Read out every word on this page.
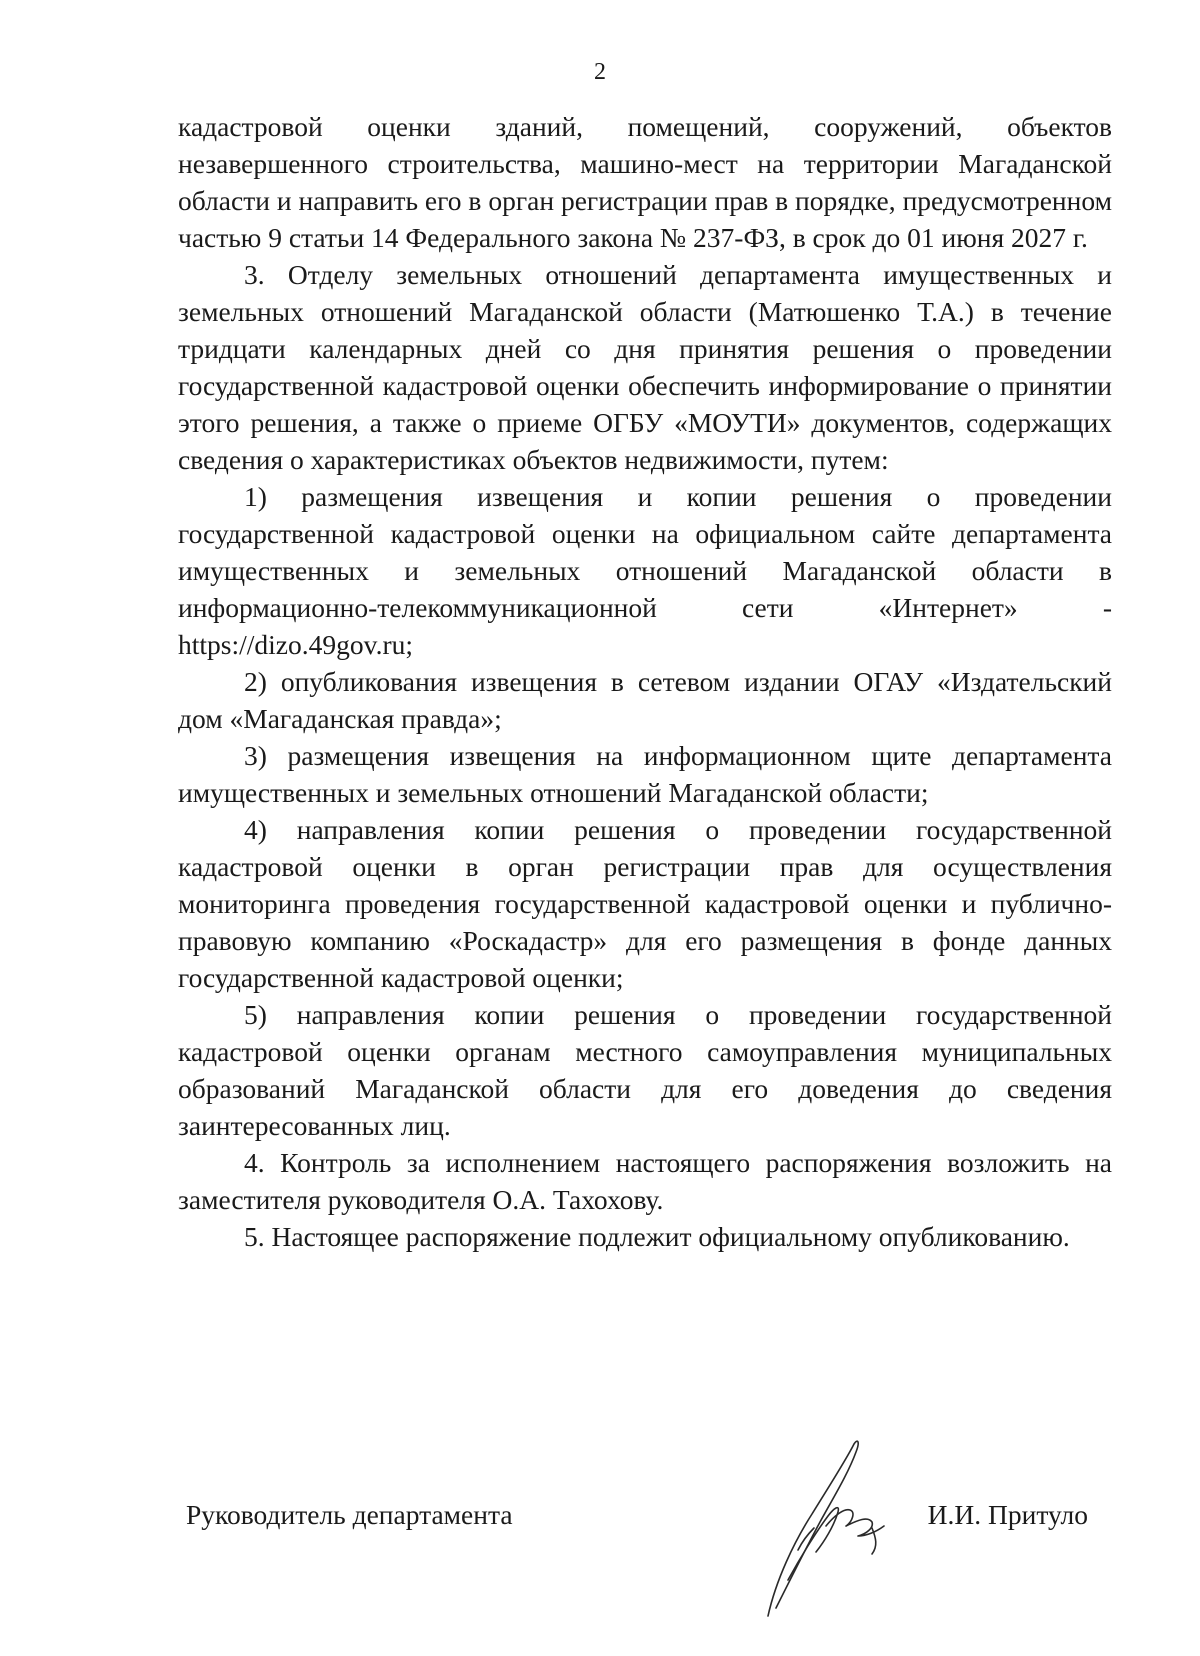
2

кадастровой оценки зданий, помещений, сооружений, объектов незавершенного строительства, машино-мест на территории Магаданской области и направить его в орган регистрации прав в порядке, предусмотренном частью 9 статьи 14 Федерального закона № 237-ФЗ, в срок до 01 июня 2027 г.

3. Отделу земельных отношений департамента имущественных и земельных отношений Магаданской области (Матюшенко Т.А.) в течение тридцати календарных дней со дня принятия решения о проведении государственной кадастровой оценки обеспечить информирование о принятии этого решения, а также о приеме ОГБУ «МОУТИ» документов, содержащих сведения о характеристиках объектов недвижимости, путем:

1) размещения извещения и копии решения о проведении государственной кадастровой оценки на официальном сайте департамента имущественных и земельных отношений Магаданской области в информационно-телекоммуникационной сети «Интернет» - https://dizo.49gov.ru;

2) опубликования извещения в сетевом издании ОГАУ «Издательский дом «Магаданская правда»;

3) размещения извещения на информационном щите департамента имущественных и земельных отношений Магаданской области;

4) направления копии решения о проведении государственной кадастровой оценки в орган регистрации прав для осуществления мониторинга проведения государственной кадастровой оценки и публично-правовую компанию «Роскадастр» для его размещения в фонде данных государственной кадастровой оценки;

5) направления копии решения о проведении государственной кадастровой оценки органам местного самоуправления муниципальных образований Магаданской области для его доведения до сведения заинтересованных лиц.

4. Контроль за исполнением настоящего распоряжения возложить на заместителя руководителя О.А. Тахохову.

5. Настоящее распоряжение подлежит официальному опубликованию.

Руководитель департамента	И.И. Притуло
